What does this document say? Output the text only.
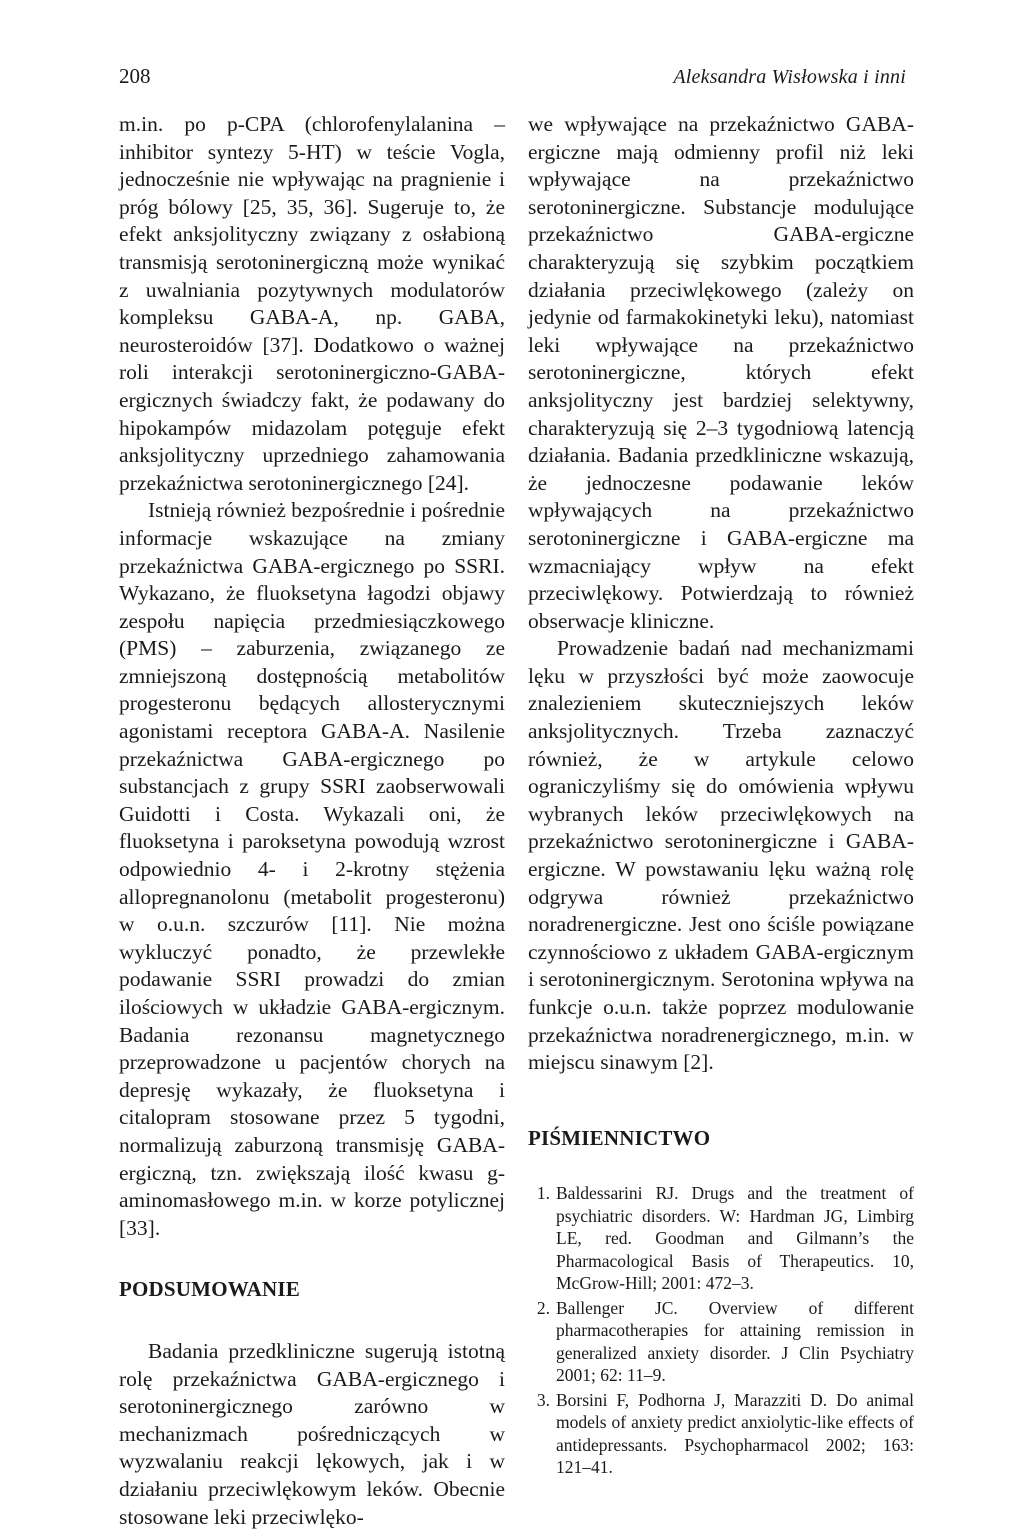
208	Aleksandra Wisłowska i inni

m.in. po p-CPA (chlorofenylalanina – inhibitor syntezy 5-HT) w teście Vogla, jednocześnie nie wpływając na pragnienie i próg bólowy [25, 35, 36]. Sugeruje to, że efekt anksjolityczny związany z osłabioną transmisją serotoninergiczną może wynikać z uwalniania pozytywnych modulatorów kompleksu GABA-A, np. GABA, neurosteroidów [37]. Dodatkowo o ważnej roli interakcji serotoninergiczno-GABA-ergicznych świadczy fakt, że podawany do hipokampów midazolam potęguje efekt anksjolityczny uprzedniego zahamowania przekaźnictwa serotoninergicznego [24].

Istnieją również bezpośrednie i pośrednie informacje wskazujące na zmiany przekaźnictwa GABA-ergicznego po SSRI. Wykazano, że fluoksetyna łagodzi objawy zespołu napięcia przedmiesiączkowego (PMS) – zaburzenia, związanego ze zmniejszoną dostępnością metabolitów progesteronu będących allosterycznymi agonistami receptora GABA-A. Nasilenie przekaźnictwa GABA-ergicznego po substancjach z grupy SSRI zaobserwowali Guidotti i Costa. Wykazali oni, że fluoksetyna i paroksetyna powodują wzrost odpowiednio 4- i 2-krotny stężenia allopregnanolonu (metabolit progesteronu) w o.u.n. szczurów [11]. Nie można wykluczyć ponadto, że przewlekłe podawanie SSRI prowadzi do zmian ilościowych w układzie GABA-ergicznym. Badania rezonansu magnetycznego przeprowadzone u pacjentów chorych na depresję wykazały, że fluoksetyna i citalopram stosowane przez 5 tygodni, normalizują zaburzoną transmisję GABA-ergiczną, tzn. zwiększają ilość kwasu g-aminomasłowego m.in. w korze potylicznej [33].

PODSUMOWANIE

Badania przedkliniczne sugerują istotną rolę przekaźnictwa GABA-ergicznego i serotoninergicznego zarówno w mechanizmach pośredniczących w wyzwalaniu reakcji lękowych, jak i w działaniu przeciwlękowym leków. Obecnie stosowane leki przeciwlęko-

we wpływające na przekaźnictwo GABA-ergiczne mają odmienny profil niż leki wpływające na przekaźnictwo serotoninergiczne. Substancje modulujące przekaźnictwo GABA-ergiczne charakteryzują się szybkim początkiem działania przeciwlękowego (zależy on jedynie od farmakokinetyki leku), natomiast leki wpływające na przekaźnictwo serotoninergiczne, których efekt anksjolityczny jest bardziej selektywny, charakteryzują się 2–3 tygodniową latencją działania. Badania przedkliniczne wskazują, że jednoczesne podawanie leków wpływających na przekaźnictwo serotoninergiczne i GABA-ergiczne ma wzmacniający wpływ na efekt przeciwlękowy. Potwierdzają to również obserwacje kliniczne.

Prowadzenie badań nad mechanizmami lęku w przyszłości być może zaowocuje znalezieniem skuteczniejszych leków anksjolitycznych. Trzeba zaznaczyć również, że w artykule celowo ograniczyliśmy się do omówienia wpływu wybranych leków przeciwlękowych na przekaźnictwo serotoninergiczne i GABA-ergiczne. W powstawaniu lęku ważną rolę odgrywa również przekaźnictwo noradrenergiczne. Jest ono ściśle powiązane czynnościowo z układem GABA-ergicznym i serotoninergicznym. Serotonina wpływa na funkcje o.u.n. także poprzez modulowanie przekaźnictwa noradrenergicznego, m.in. w miejscu sinawym [2].

PIŚMIENNICTWO
1. Baldessarini RJ. Drugs and the treatment of psychiatric disorders. W: Hardman JG, Limbirg LE, red. Goodman and Gilmann’s the Pharmacological Basis of Therapeutics. 10, McGrow-Hill; 2001: 472–3.
2. Ballenger JC. Overview of different pharmacotherapies for attaining remission in generalized anxiety disorder. J Clin Psychiatry 2001; 62: 11–9.
3. Borsini F, Podhorna J, Marazziti D. Do animal models of anxiety predict anxiolytic-like effects of antidepressants. Psychopharmacol 2002; 163: 121–41.
